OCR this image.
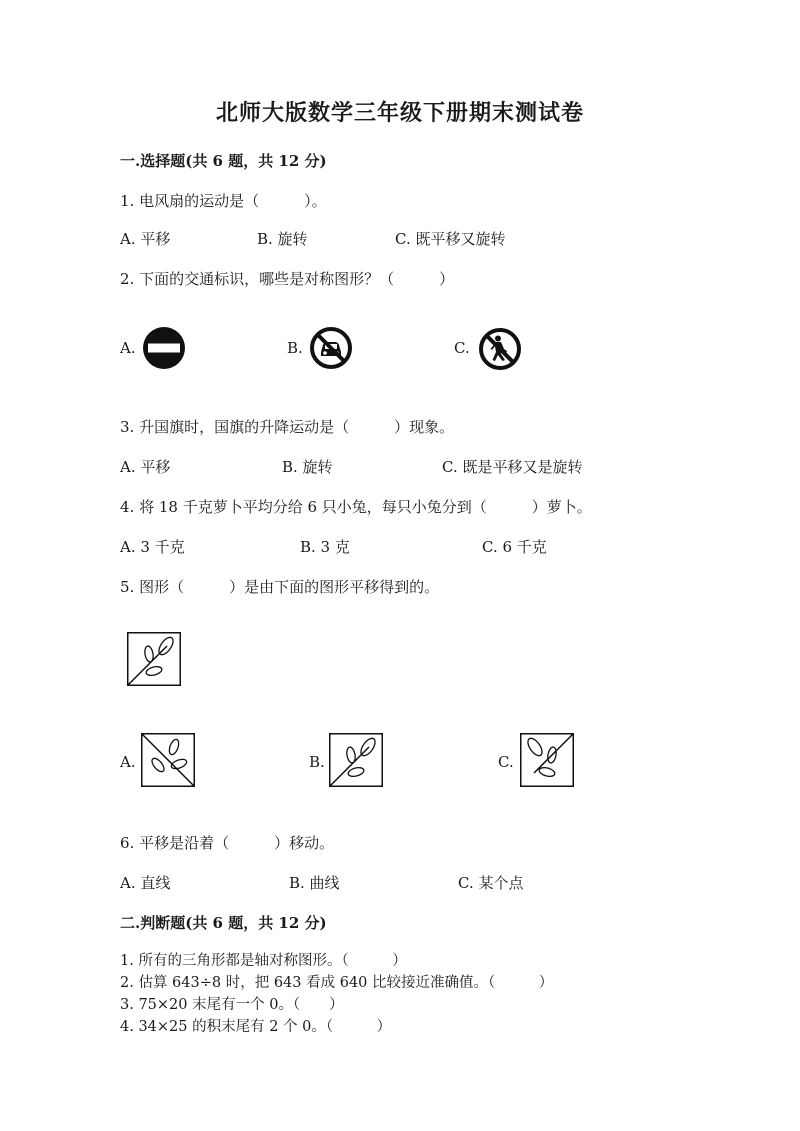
北师大版数学三年级下册期末测试卷
一.选择题(共 6 题，共 12 分)
1. 电风扇的运动是（　　　）。
A. 平移	B. 旋转	C. 既平移又旋转
2. 下面的交通标识，哪些是对称图形？（　　　）
A.	B.	C.
3. 升国旗时，国旗的升降运动是（　　　）现象。
A. 平移	B. 旋转	C. 既是平移又是旋转
4. 将 18 千克萝卜平均分给 6 只小兔，每只小兔分到（　　　）萝卜。
A. 3 千克	B. 3 克	C. 6 千克
5. 图形（　　　）是由下面的图形平移得到的。
A.	B.	C.
6. 平移是沿着（　　　）移动。
A. 直线	B. 曲线	C. 某个点
二.判断题(共 6 题，共 12 分)
1. 所有的三角形都是轴对称图形。（　　　）
2. 估算 643÷8 时，把 643 看成 640 比较接近准确值。（　　　）
3. 75×20 末尾有一个 0。（　　）
4. 34×25 的积末尾有 2 个 0。（　　　）
